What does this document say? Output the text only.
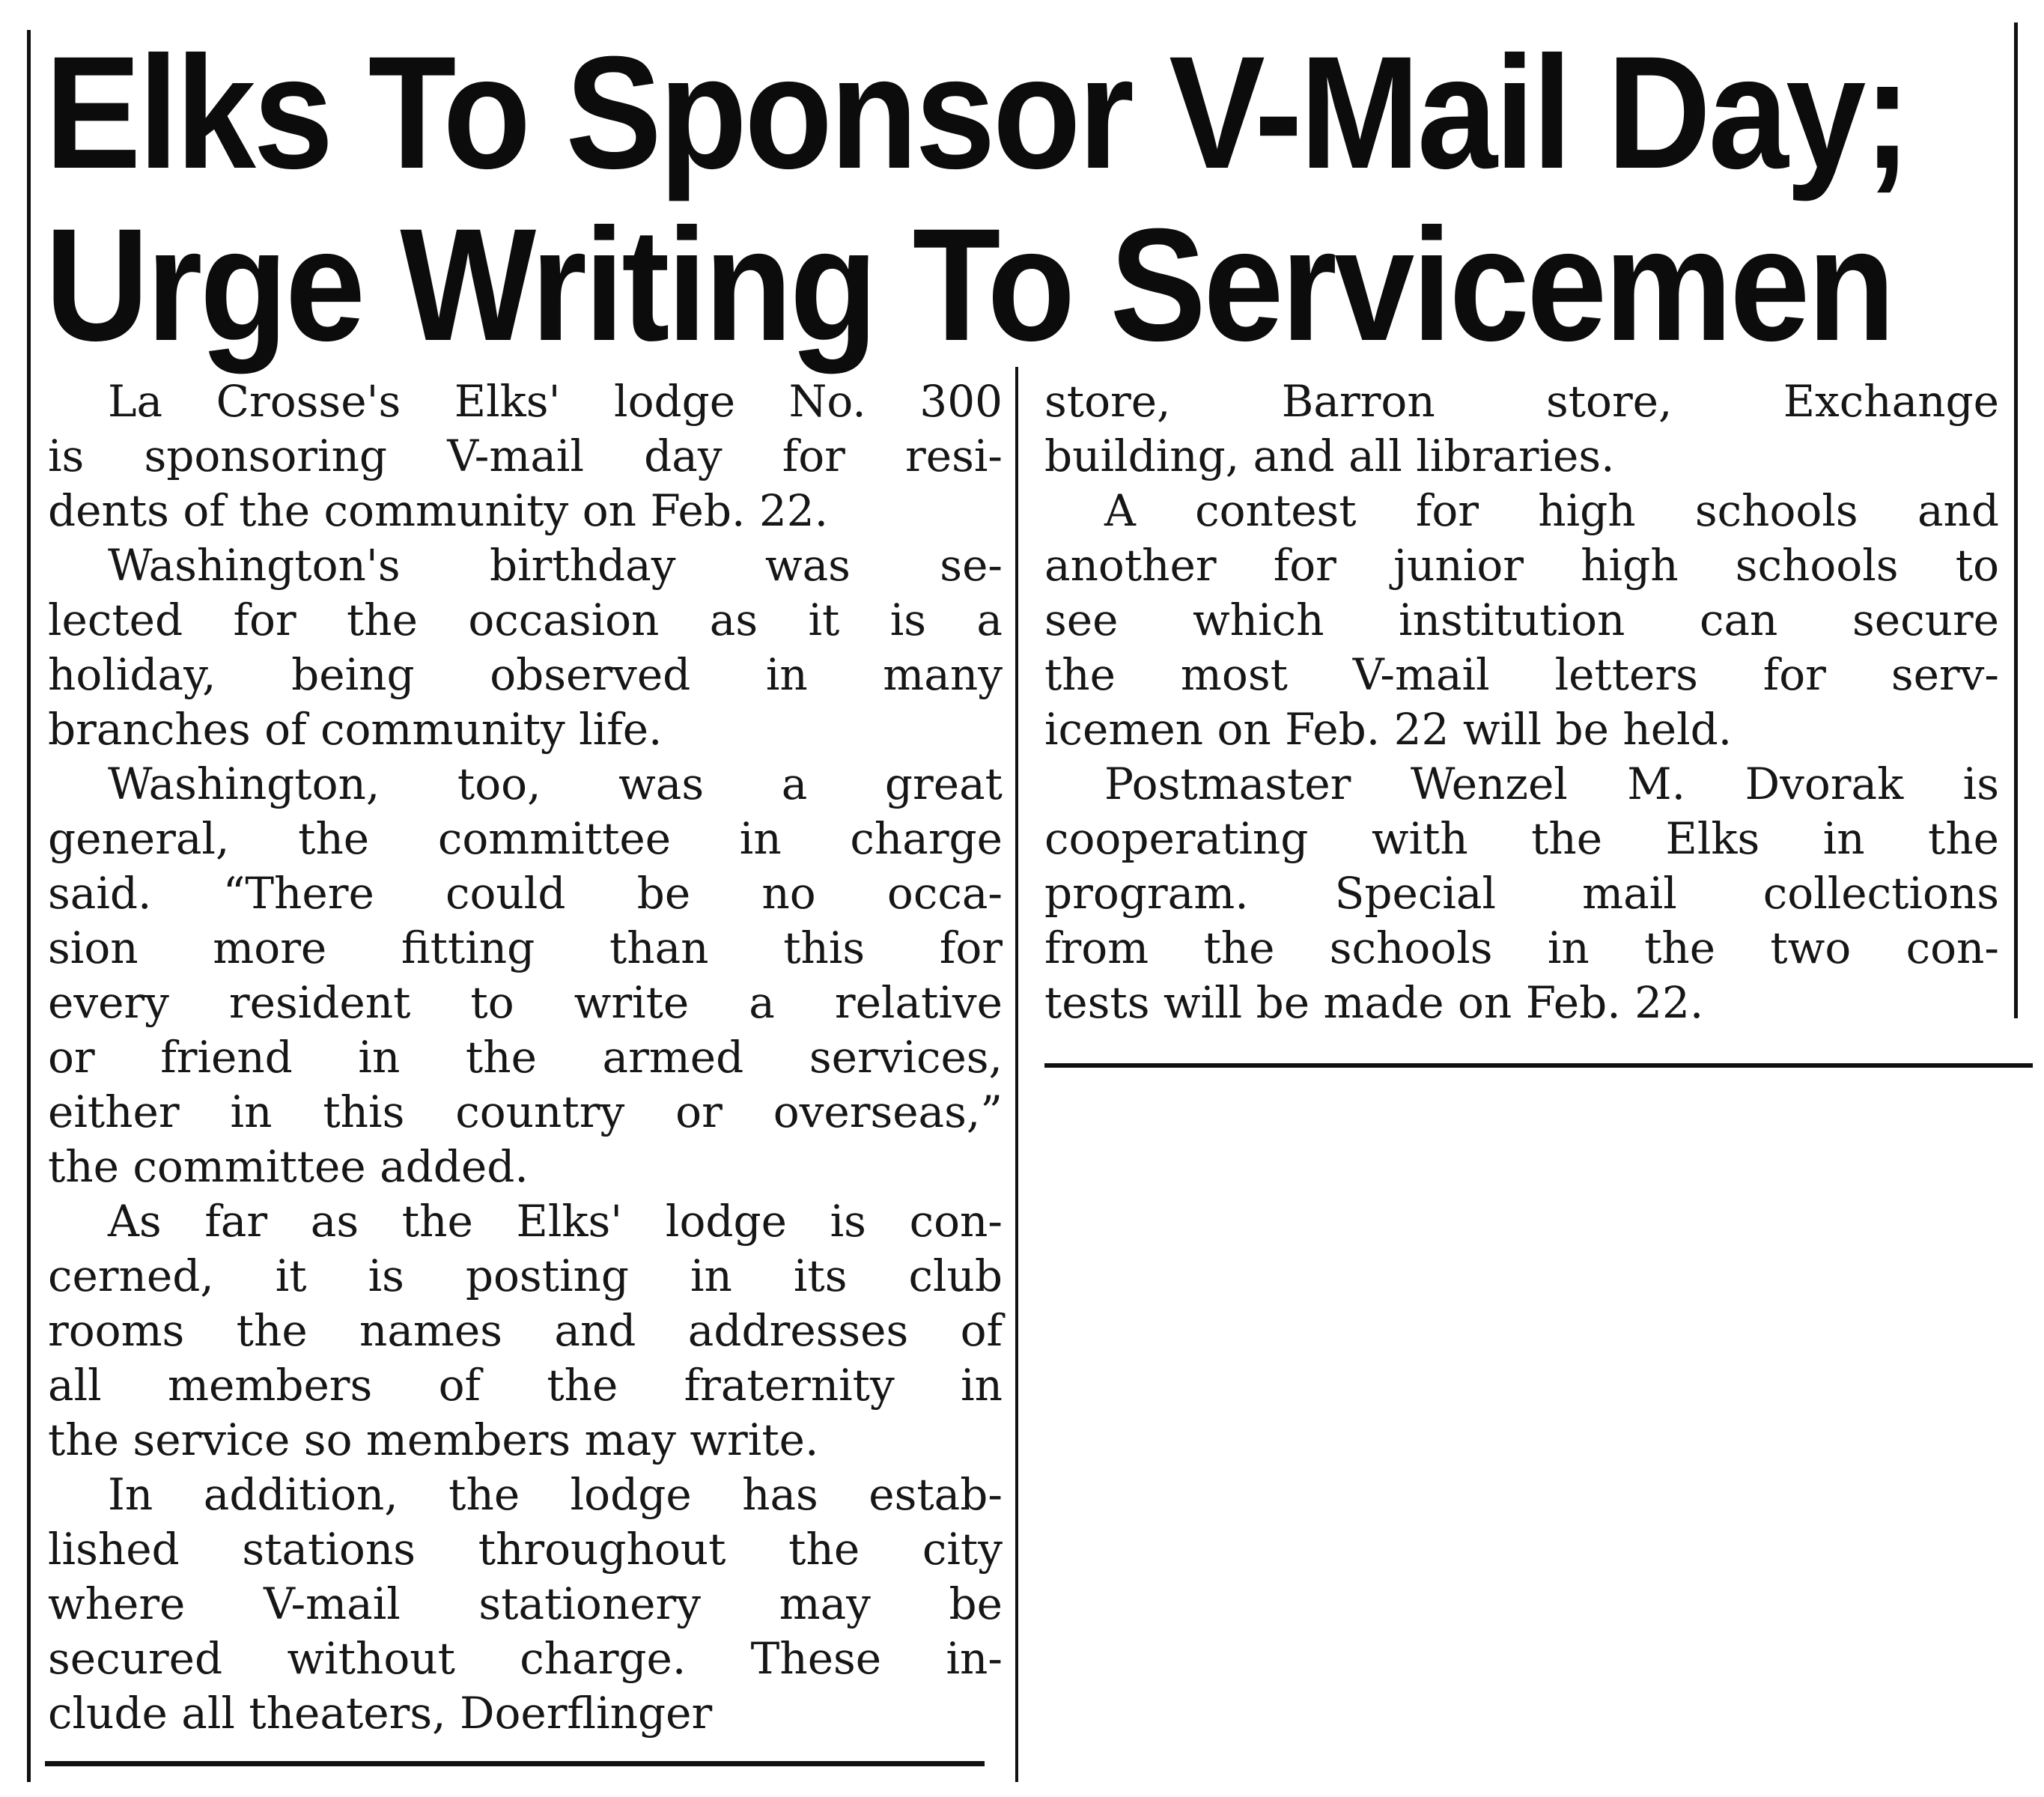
Elks To Sponsor V-Mail Day;
Urge Writing To Servicemen

La Crosse's Elks' lodge No. 300
is sponsoring V-mail day for resi-
dents of the community on Feb. 22.

Washington's birthday was se-
lected for the occasion as it is a
holiday, being observed in many
branches of community life.

Washington, too, was a great
general, the committee in charge
said. “There could be no occa-
sion more fitting than this for
every resident to write a relative
or friend in the armed services,
either in this country or overseas,”
the committee added.

As far as the Elks' lodge is con-
cerned, it is posting in its club
rooms the names and addresses of
all members of the fraternity in
the service so members may write.

In addition, the lodge has estab-
lished stations throughout the city
where V-mail stationery may be
secured without charge. These in-
clude all theaters, Doerflinger

store, Barron store, Exchange
building, and all libraries.

A contest for high schools and
another for junior high schools to
see which institution can secure
the most V-mail letters for serv-
icemen on Feb. 22 will be held.

Postmaster Wenzel M. Dvorak is
cooperating with the Elks in the
program. Special mail collections
from the schools in the two con-
tests will be made on Feb. 22.
